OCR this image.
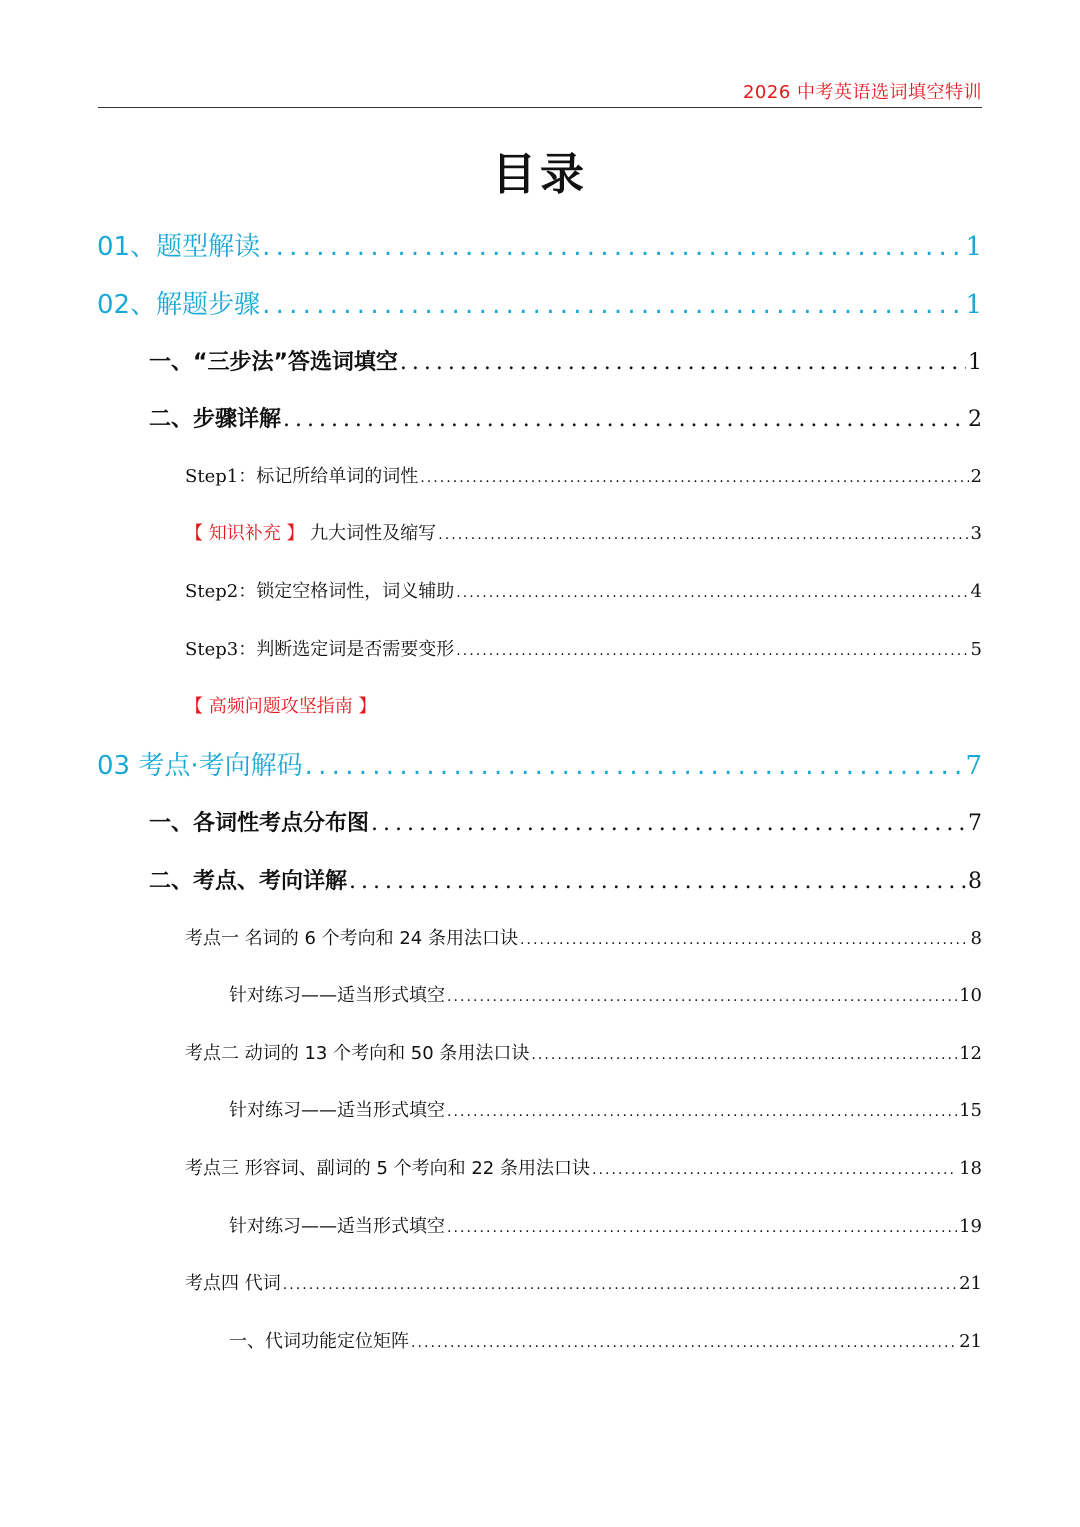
2026 中考英语选词填空特训
目录
01、题型解读 . . .	1
02、解题步骤 . . .	1
一、“三步法”答选词填空 . . .	1
二、步骤详解 . . .	2
Step1：标记所给单词的词性 . . .	2
【 知识补充 】 九大词性及缩写 . . .	3
Step2：锁定空格词性，词义辅助 . . .	4
Step3：判断选定词是否需要变形 . . .	5
【 高频问题攻坚指南 】
03 考点·考向解码 . . .	7
一、各词性考点分布图 . . .	7
二、考点、考向详解 . . .	8
考点一 名词的 6 个考向和 24 条用法口诀 . . .	8
针对练习——适当形式填空 . . .	10
考点二 动词的 13 个考向和 50 条用法口诀 . . .	12
针对练习——适当形式填空 . . .	15
考点三 形容词、副词的 5 个考向和 22 条用法口诀 . . .	18
针对练习——适当形式填空 . . .	19
考点四 代词 . . .	21
一、代词功能定位矩阵 . . .	21
